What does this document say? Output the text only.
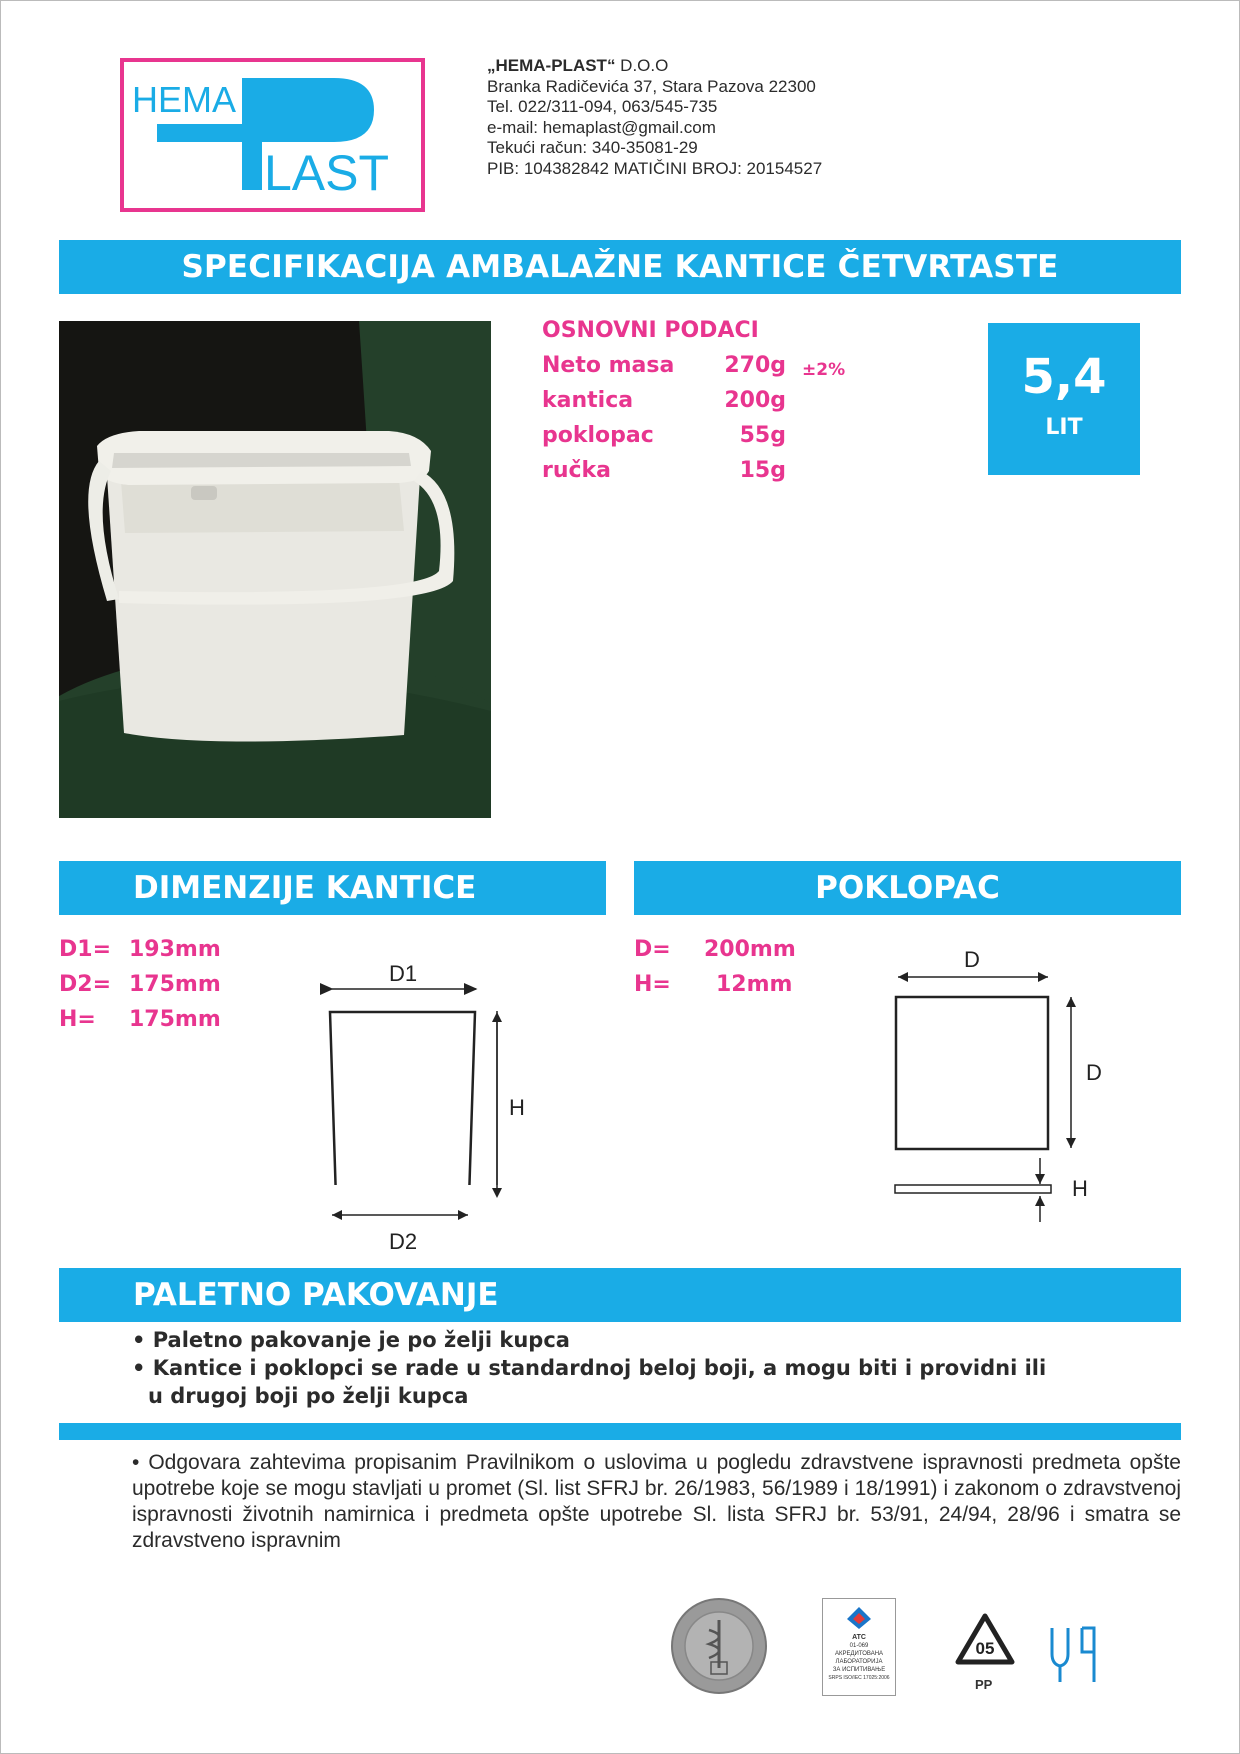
HEMA
LAST
„HEMA-PLAST“ D.O.O
Branka Radičevića 37, Stara Pazova 22300
Tel. 022/311-094, 063/545-735
e-mail: hemaplast@gmail.com
Tekući račun: 340-35081-29
PIB: 104382842 MATIČINI BROJ: 20154527
SPECIFIKACIJA AMBALAŽNE KANTICE ČETVRTASTE
OSNOVNI PODACI
Neto masa	270g ±2%
kantica	200g
poklopac	55g
ručka	15g
5,4
LIT
DIMENZIJE KANTICE	POKLOPAC
D1= 193mm
D2= 175mm
H= 175mm
D1
H
D2
D= 200mm
H= 12mm
D
D
H
PALETNO PAKOVANJE
• Paletno pakovanje je po želji kupca
• Kantice i poklopci se rade u standardnoj beloj boji, a mogu biti i providni ili
u drugoj boji po želji kupca
• Odgovara zahtevima propisanim Pravilnikom o uslovima u pogledu zdravstvene ispravnosti predmeta opšte upotrebe koje se mogu stavljati u promet (Sl. list SFRJ br. 26/1983, 56/1989 i 18/1991) i zakonom o zdravstvenoj ispravnosti životnih namirnica i predmeta opšte upotrebe Sl. lista SFRJ br. 53/91, 24/94, 28/96 i smatra se zdravstveno ispravnim
ATC
01-069
АКРЕДИТОВАНА
ЛАБОРАТОРИЈА
ЗА ИСПИТИВАЊЕ
SRPS ISO/IEC 17025:2006
05
PP
